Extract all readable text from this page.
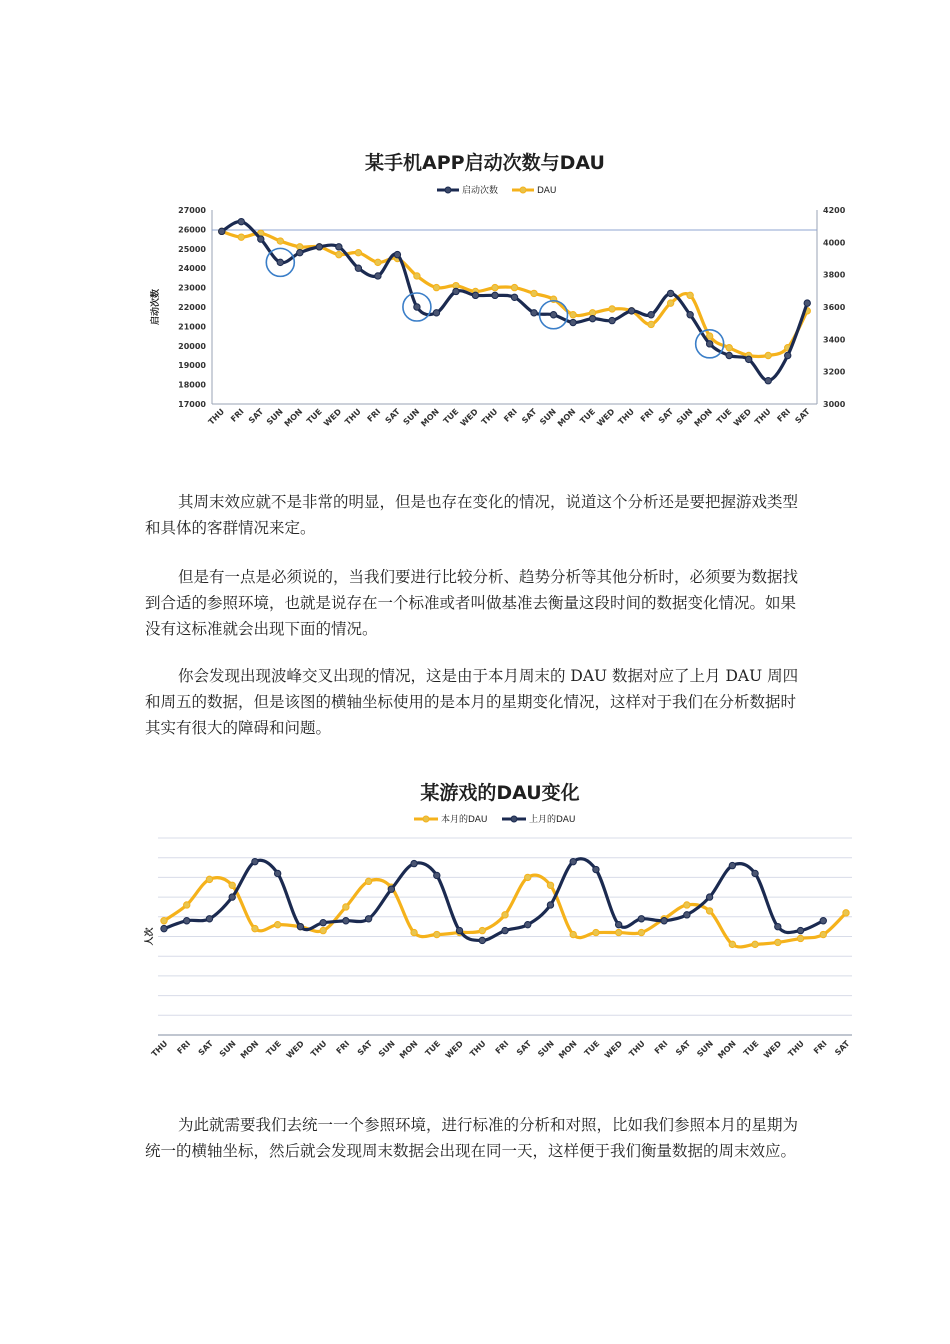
某手机APP启动次数与DAU
启动次数	DAU
27000
26000
25000
24000
23000
22000
21000
20000
19000
18000
17000
4200
4000
3800
3600
3400
3200
3000
启动次数
THU FRI SAT SUN
MON TUE
WED THU FRI SAT SUN
MON TUE
WED THU FRI SAT SUN
MON TUE
WED THU FRI SAT SUN
MON TUE
WED THU FRI SAT
其周末效应就不是非常的明显，但是也存在变化的情况，说道这个分析还是要把握游戏类型和具体的客群情况来定。
但是有一点是必须说的，当我们要进行比较分析、趋势分析等其他分析时，必须要为数据找到合适的参照环境，也就是说存在一个标准或者叫做基准去衡量这段时间的数据变化情况。如果没有这标准就会出现下面的情况。
你会发现出现波峰交叉出现的情况，这是由于本月周末的 DAU 数据对应了上月 DAU 周四和周五的数据，但是该图的横轴坐标使用的是本月的星期变化情况，这样对于我们在分析数据时其实有很大的障碍和问题。
某游戏的DAU变化
本月的DAU	上月的DAU
人次
THU FRI SAT SUN MON TUE WED THU FRI SAT SUN MON TUE WED THU FRI SAT SUN MON TUE WED THU FRI SAT SUN MON TUE WED THU FRI SAT
为此就需要我们去统一一个参照环境，进行标准的分析和对照，比如我们参照本月的星期为统一的横轴坐标，然后就会发现周末数据会出现在同一天，这样便于我们衡量数据的周末效应。
